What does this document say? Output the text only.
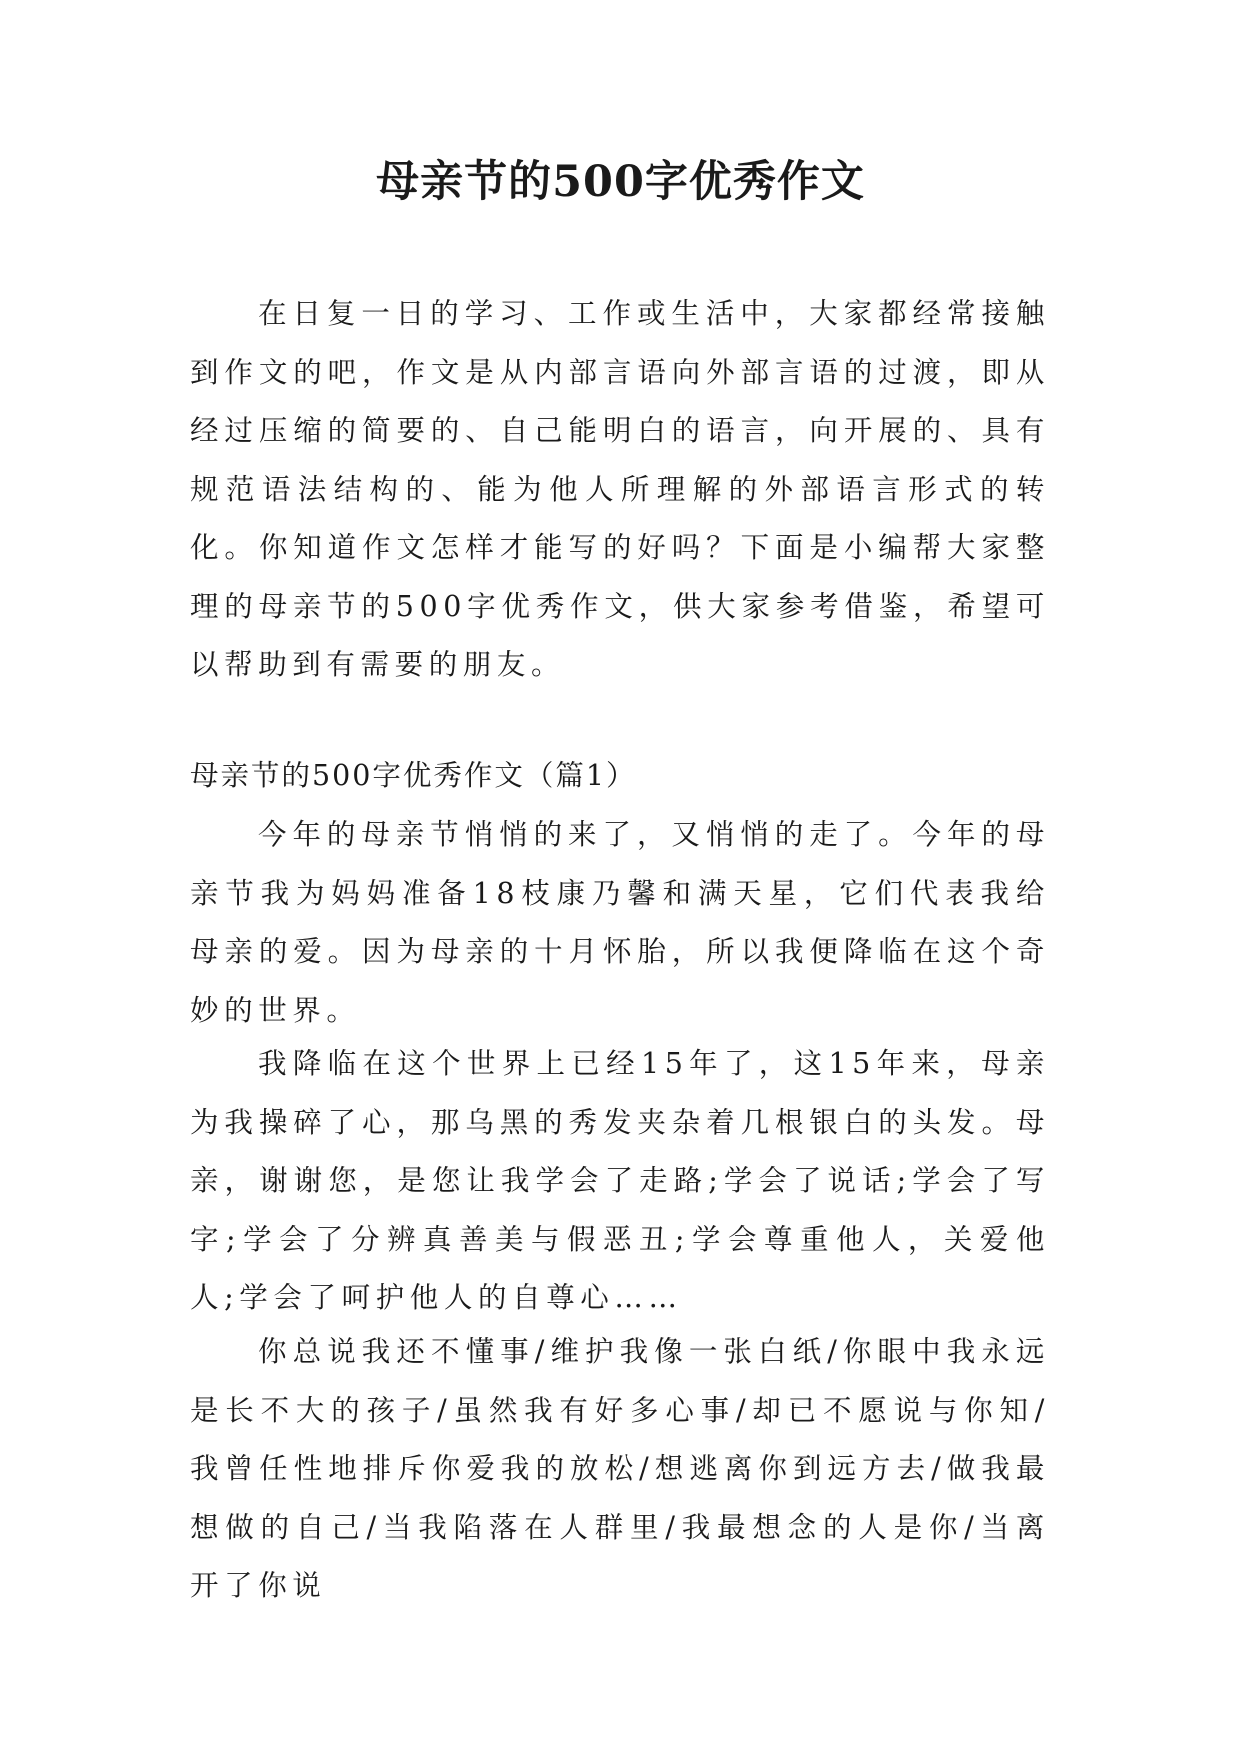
母亲节的500字优秀作文

在日复一日的学习、工作或生活中，大家都经常接触到作文的吧，作文是从内部言语向外部言语的过渡，即从经过压缩的简要的、自己能明白的语言，向开展的、具有规范语法结构的、能为他人所理解的外部语言形式的转化。你知道作文怎样才能写的好吗？下面是小编帮大家整理的母亲节的500字优秀作文，供大家参考借鉴，希望可以帮助到有需要的朋友。

母亲节的500字优秀作文（篇1）

今年的母亲节悄悄的来了，又悄悄的走了。今年的母亲节我为妈妈准备18枝康乃馨和满天星，它们代表我给母亲的爱。因为母亲的十月怀胎，所以我便降临在这个奇妙的世界。

我降临在这个世界上已经15年了，这15年来，母亲为我操碎了心，那乌黑的秀发夹杂着几根银白的头发。母亲，谢谢您，是您让我学会了走路;学会了说话;学会了写字;学会了分辨真善美与假恶丑;学会尊重他人，关爱他人;学会了呵护他人的自尊心……

你总说我还不懂事/维护我像一张白纸/你眼中我永远是长不大的孩子/虽然我有好多心事/却已不愿说与你知/我曾任性地排斥你爱我的放松/想逃离你到远方去/做我最想做的自己/当我陷落在人群里/我最想念的人是你/当离开了你说
